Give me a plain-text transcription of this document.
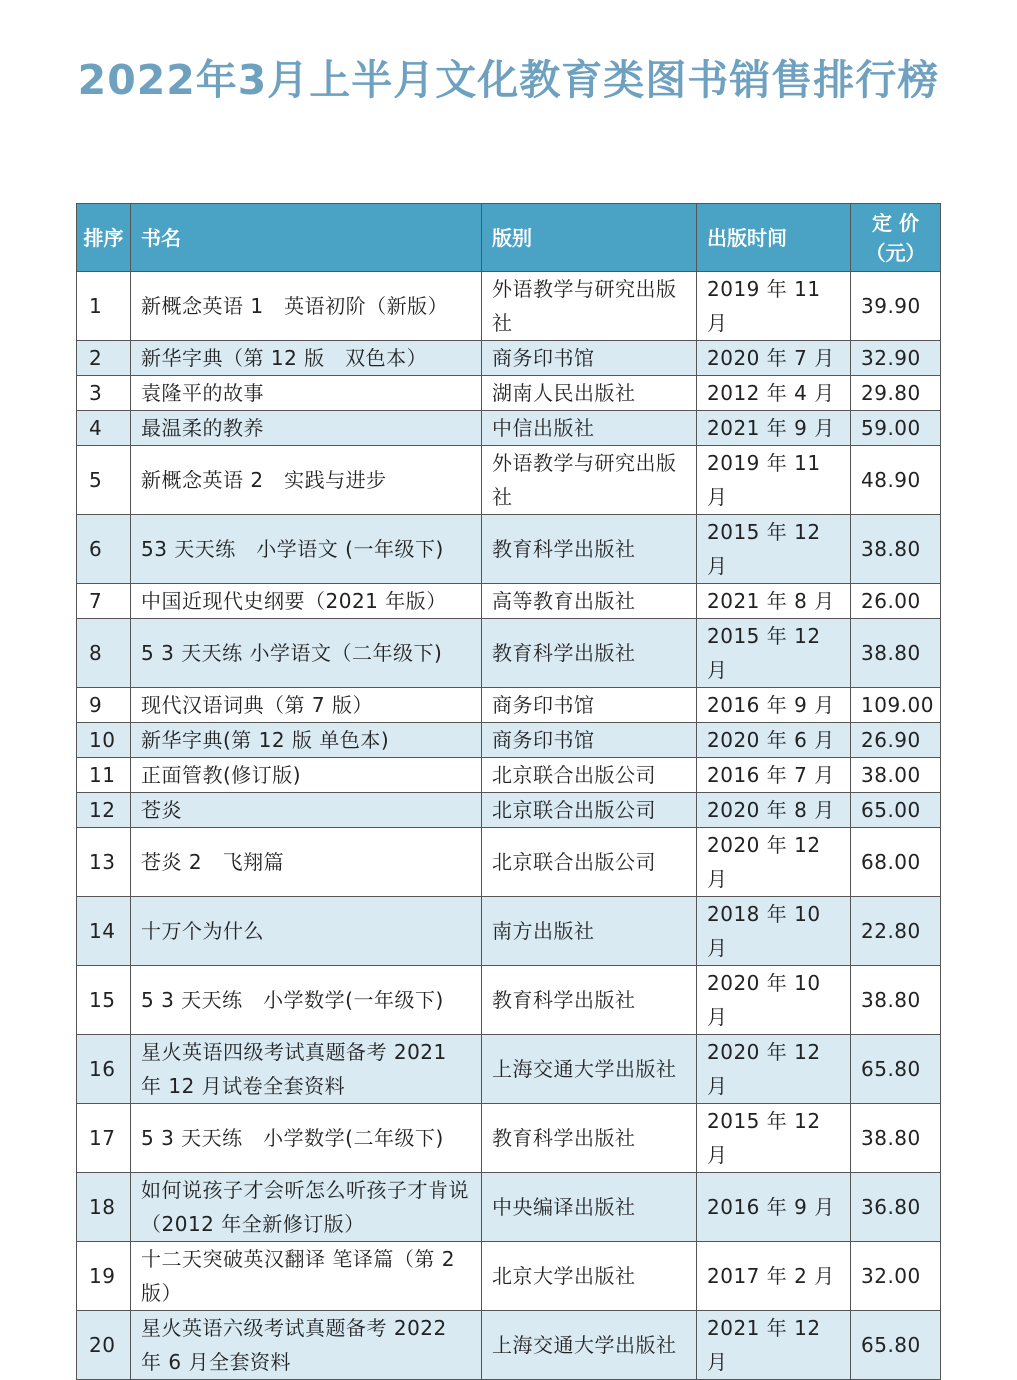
2022年3月上半月文化教育类图书销售排行榜
排序	书名	版别	出版时间	定 价（元）
1	新概念英语 1　英语初阶（新版）	外语教学与研究出版社	2019 年 11 月	39.90
2	新华字典（第 12 版　双色本）	商务印书馆	2020 年 7 月	32.90
3	袁隆平的故事	湖南人民出版社	2012 年 4 月	29.80
4	最温柔的教养	中信出版社	2021 年 9 月	59.00
5	新概念英语 2　实践与进步	外语教学与研究出版社	2019 年 11 月	48.90
6	53 天天练　小学语文 (一年级下)	教育科学出版社	2015 年 12 月	38.80
7	中国近现代史纲要（2021 年版）	高等教育出版社	2021 年 8 月	26.00
8	5 3 天天练 小学语文（二年级下)	教育科学出版社	2015 年 12 月	38.80
9	现代汉语词典（第 7 版）	商务印书馆	2016 年 9 月	109.00
10	新华字典(第 12 版 单色本)	商务印书馆	2020 年 6 月	26.90
11	正面管教(修订版)	北京联合出版公司	2016 年 7 月	38.00
12	苍炎	北京联合出版公司	2020 年 8 月	65.00
13	苍炎 2　飞翔篇	北京联合出版公司	2020 年 12 月	68.00
14	十万个为什么	南方出版社	2018 年 10 月	22.80
15	5 3 天天练　小学数学(一年级下)	教育科学出版社	2020 年 10 月	38.80
16	星火英语四级考试真题备考 2021 年 12 月试卷全套资料	上海交通大学出版社	2020 年 12 月	65.80
17	5 3 天天练　小学数学(二年级下)	教育科学出版社	2015 年 12 月	38.80
18	如何说孩子才会听怎么听孩子才肯说（2012 年全新修订版）	中央编译出版社	2016 年 9 月	36.80
19	十二天突破英汉翻译 笔译篇（第 2 版）	北京大学出版社	2017 年 2 月	32.00
20	星火英语六级考试真题备考 2022 年 6 月全套资料	上海交通大学出版社	2021 年 12 月	65.80
